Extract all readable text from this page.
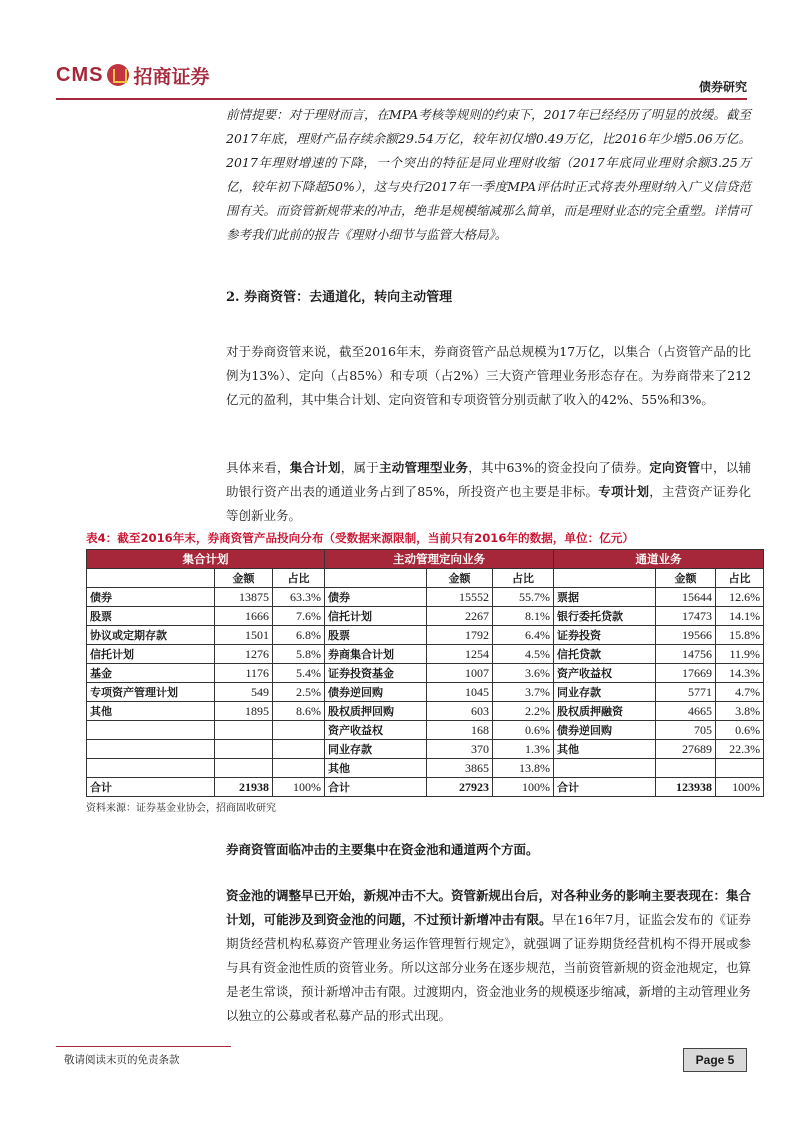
CMS 招商证券	债券研究

前情提要：对于理财而言，在MPA考核等规则的约束下，2017年已经经历了明显的放缓。截至2017年底，理财产品存续余额29.54万亿，较年初仅增0.49万亿，比2016年少增5.06万亿。2017年理财增速的下降，一个突出的特征是同业理财收缩（2017年底同业理财余额3.25万亿，较年初下降超50%），这与央行2017年一季度MPA评估时正式将表外理财纳入广义信贷范围有关。而资管新规带来的冲击，绝非是规模缩减那么简单，而是理财业态的完全重塑。详情可参考我们此前的报告《理财小细节与监管大格局》。

2. 券商资管：去通道化，转向主动管理

对于券商资管来说，截至2016年末，券商资管产品总规模为17万亿，以集合（占资管产品的比例为13%）、定向（占85%）和专项（占2%）三大资产管理业务形态存在。为券商带来了212亿元的盈利，其中集合计划、定向资管和专项资管分别贡献了收入的42%、55%和3%。

具体来看，集合计划，属于主动管理型业务，其中63%的资金投向了债券。定向资管中，以辅助银行资产出表的通道业务占到了85%，所投资产也主要是非标。专项计划，主营资产证券化等创新业务。

表4：截至2016年末，券商资管产品投向分布（受数据来源限制，当前只有2016年的数据，单位：亿元）
集合计划			主动管理定向业务			通道业务		
	金额	占比		金额	占比		金额	占比
债券	13875	63.3%	债券	15552	55.7%	票据	15644	12.6%
股票	1666	7.6%	信托计划	2267	8.1%	银行委托贷款	17473	14.1%
协议或定期存款	1501	6.8%	股票	1792	6.4%	证券投资	19566	15.8%
信托计划	1276	5.8%	券商集合计划	1254	4.5%	信托贷款	14756	11.9%
基金	1176	5.4%	证券投资基金	1007	3.6%	资产收益权	17669	14.3%
专项资产管理计划	549	2.5%	债券逆回购	1045	3.7%	同业存款	5771	4.7%
其他	1895	8.6%	股权质押回购	603	2.2%	股权质押融资	4665	3.8%
			资产收益权	168	0.6%	债券逆回购	705	0.6%
			同业存款	370	1.3%	其他	27689	22.3%
			其他	3865	13.8%			
合计	21938	100%	合计	27923	100%	合计	123938	100%
资料来源：证券基金业协会，招商固收研究

券商资管面临冲击的主要集中在资金池和通道两个方面。

资金池的调整早已开始，新规冲击不大。资管新规出台后，对各种业务的影响主要表现在：集合计划，可能涉及到资金池的问题，不过预计新增冲击有限。早在16年7月，证监会发布的《证券期货经营机构私募资产管理业务运作管理暂行规定》，就强调了证券期货经营机构不得开展或参与具有资金池性质的资管业务。所以这部分业务在逐步规范，当前资管新规的资金池规定，也算是老生常谈，预计新增冲击有限。过渡期内，资金池业务的规模逐步缩减，新增的主动管理业务以独立的公募或者私募产品的形式出现。

敬请阅读末页的免责条款	Page 5
